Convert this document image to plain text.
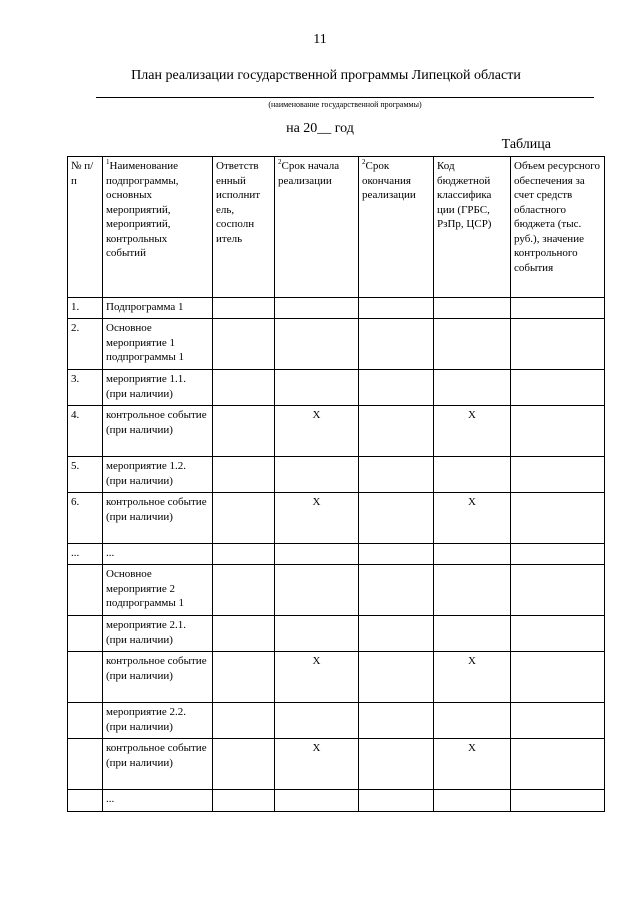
11
План реализации государственной программы Липецкой области
(наименование государственной программы)
на 20__ год
Таблица
№ п/п	$^1$Наименование подпрограммы, основных мероприятий, мероприятий, контрольных событий	Ответств енный исполнит ель, сосполн итель	$^2$Срок начала реализации	$^2$Срок окончания реализации	Код бюджетной классифика ции (ГРБС, РзПр, ЦСР)	Объем ресурсного обеспечения за счет средств областного бюджета (тыс. руб.), значение контрольного события
1.	Подпрограмма 1					
2.	Основное мероприятие 1 подпрограммы 1					
3.	мероприятие 1.1. (при наличии)					
4.	контрольное событие (при наличии)		X		X	
5.	мероприятие 1.2. (при наличии)					
6.	контрольное событие (при наличии)		X		X	
...	...					
	Основное мероприятие 2 подпрограммы 1					
	мероприятие 2.1. (при наличии)					
	контрольное событие (при наличии)		X		X	
	мероприятие 2.2. (при наличии)					
	контрольное событие (при наличии)		X		X	
	...					
